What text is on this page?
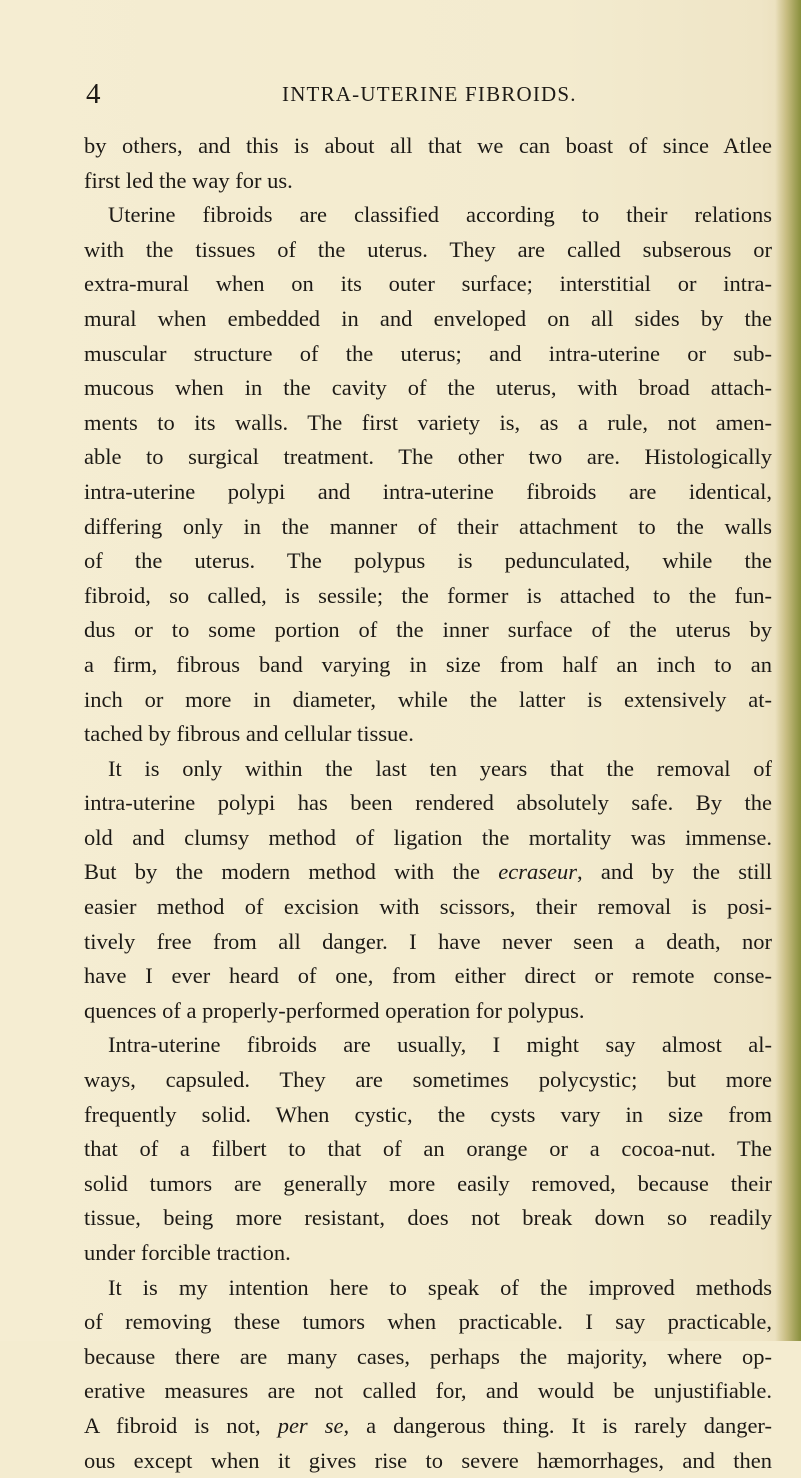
4	INTRA-UTERINE FIBROIDS.
by others, and this is about all that we can boast of since Atlee
first led the way for us.
Uterine fibroids are classified according to their relations
with the tissues of the uterus. They are called subserous or
extra-mural when on its outer surface; interstitial or intra-
mural when embedded in and enveloped on all sides by the
muscular structure of the uterus; and intra-uterine or sub-
mucous when in the cavity of the uterus, with broad attach-
ments to its walls. The first variety is, as a rule, not amen-
able to surgical treatment. The other two are. Histologically
intra-uterine polypi and intra-uterine fibroids are identical,
differing only in the manner of their attachment to the walls
of the uterus. The polypus is pedunculated, while the
fibroid, so called, is sessile; the former is attached to the fun-
dus or to some portion of the inner surface of the uterus by
a firm, fibrous band varying in size from half an inch to an
inch or more in diameter, while the latter is extensively at-
tached by fibrous and cellular tissue.
It is only within the last ten years that the removal of
intra-uterine polypi has been rendered absolutely safe. By the
old and clumsy method of ligation the mortality was immense.
But by the modern method with the ecraseur, and by the still
easier method of excision with scissors, their removal is posi-
tively free from all danger. I have never seen a death, nor
have I ever heard of one, from either direct or remote conse-
quences of a properly-performed operation for polypus.
Intra-uterine fibroids are usually, I might say almost al-
ways, capsuled. They are sometimes polycystic; but more
frequently solid. When cystic, the cysts vary in size from
that of a filbert to that of an orange or a cocoa-nut. The
solid tumors are generally more easily removed, because their
tissue, being more resistant, does not break down so readily
under forcible traction.
It is my intention here to speak of the improved methods
of removing these tumors when practicable. I say practicable,
because there are many cases, perhaps the majority, where op-
erative measures are not called for, and would be unjustifiable.
A fibroid is not, per se, a dangerous thing. It is rarely danger-
ous except when it gives rise to severe hæmorrhages, and then
